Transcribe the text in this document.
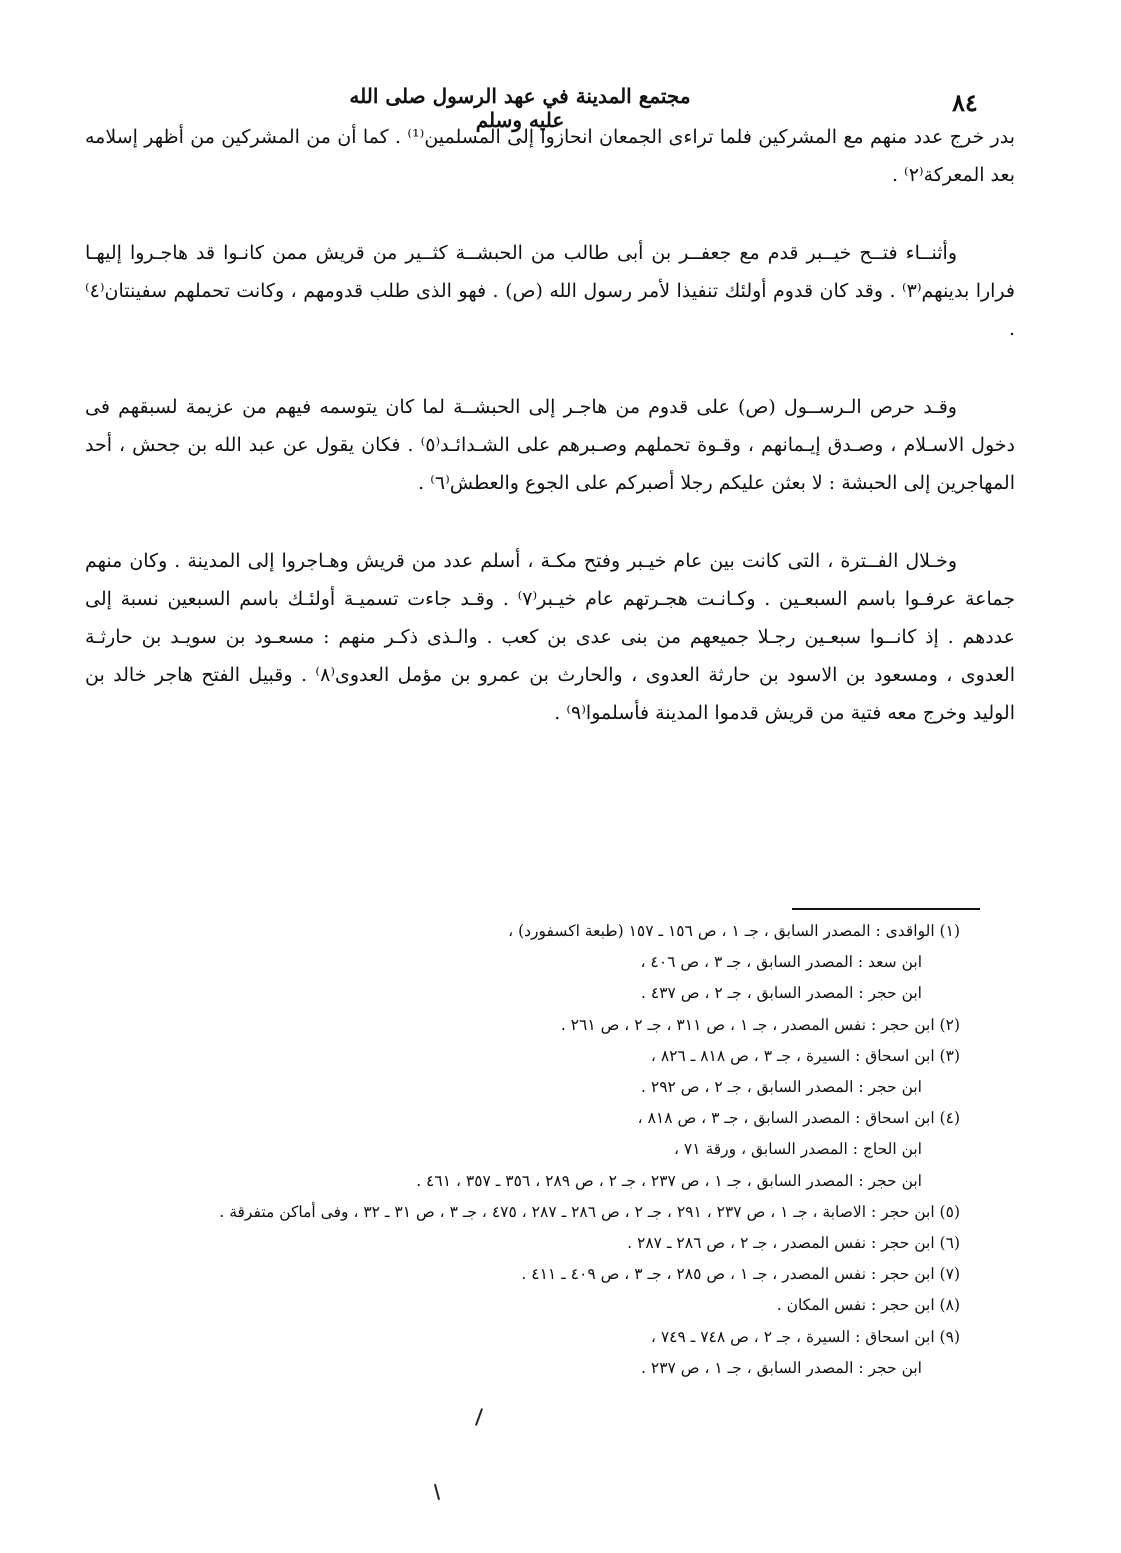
مجتمع المدينة في عهد الرسول صلى الله عليه وسلم
٨٤

بدر خرج عدد منهم مع المشركين فلما تراءى الجمعان انحازوا إلى المسلمين⁽¹⁾ . كما أن من المشركين من أظهر إسلامه بعد المعركة⁽٢⁾ .

وأثنــاء فتــح خيــبر قدم مع جعفــر بن أبى طالب من الحبشــة كثــير من قريش ممن كانـوا قد هاجـروا إليهـا فرارا بدينهم⁽٣⁾ . وقد كان قدوم أولئك تنفيذا لأمر رسول الله (ص) . فهو الذى طلب قدومهم ، وكانت تحملهم سفينتان⁽٤⁾ .

وقـد حرص الـرســول (ص) على قدوم من هاجـر إلى الحبشــة لما كان يتوسمه فيهم من عزيمة لسبقهم فى دخول الاسـلام ، وصـدق إيـمانهم ، وقـوة تحملهم وصـبرهم على الشـدائـد⁽٥⁾ . فكان يقول عن عبد الله بن جحش ، أحد المهاجرين إلى الحبشة : لا بعثن عليكم رجلا أصبركم على الجوع والعطش⁽٦⁾ .

وخـلال الفــترة ، التى كانت بين عام خيـبر وفتح مكـة ، أسلم عدد من قريش وهـاجروا إلى المدينة . وكان منهم جماعة عرفـوا باسم السبعـين . وكـانـت هجـرتهم عام خيـبر⁽٧⁾ . وقـد جاءت تسميـة أولئـك باسم السبعين نسبة إلى عددهم . إذ كانــوا سبعـين رجـلا جميعهم من بنى عدى بن كعب . والـذى ذكـر منهم : مسعـود بن سويـد بن حارثـة العدوى ، ومسعود بن الاسود بن حارثة العدوى ، والحارث بن عمرو بن مؤمل العدوى⁽٨⁾ . وقبيل الفتح هاجر خالد بن الوليد وخرج معه فتية من قريش قدموا المدينة فأسلموا⁽٩⁾ .

(١) الواقدى : المصدر السابق ، جـ ١ ، ص ١٥٦ ـ ١٥٧ (طبعة اكسفورد) ،
ابن سعد : المصدر السابق ، جـ ٣ ، ص ٤٠٦ ،
ابن حجر : المصدر السابق ، جـ ٢ ، ص ٤٣٧ .
(٢) ابن حجر : نفس المصدر ، جـ ١ ، ص ٣١١ ، جـ ٢ ، ص ٢٦١ .
(٣) ابن اسحاق : السيرة ، جـ ٣ ، ص ٨١٨ ـ ٨٢٦ ،
ابن حجر : المصدر السابق ، جـ ٢ ، ص ٢٩٢ .
(٤) ابن اسحاق : المصدر السابق ، جـ ٣ ، ص ٨١٨ ،
ابن الحاج : المصدر السابق ، ورقة ٧١ ،
ابن حجر : المصدر السابق ، جـ ١ ، ص ٢٣٧ ، جـ ٢ ، ص ٢٨٩ ، ٣٥٦ ـ ٣٥٧ ، ٤٦١ .
(٥) ابن حجر : الاصابة ، جـ ١ ، ص ٢٣٧ ، ٢٩١ ، جـ ٢ ، ص ٢٨٦ ـ ٢٨٧ ، ٤٧٥ ، جـ ٣ ، ص ٣١ ـ ٣٢ ، وفى أماكن متفرقة .
(٦) ابن حجر : نفس المصدر ، جـ ٢ ، ص ٢٨٦ ـ ٢٨٧ .
(٧) ابن حجر : نفس المصدر ، جـ ١ ، ص ٢٨٥ ، جـ ٣ ، ص ٤٠٩ ـ ٤١١ .
(٨) ابن حجر : نفس المكان .
(٩) ابن اسحاق : السيرة ، جـ ٢ ، ص ٧٤٨ ـ ٧٤٩ ،
ابن حجر : المصدر السابق ، جـ ١ ، ص ٢٣٧ .
